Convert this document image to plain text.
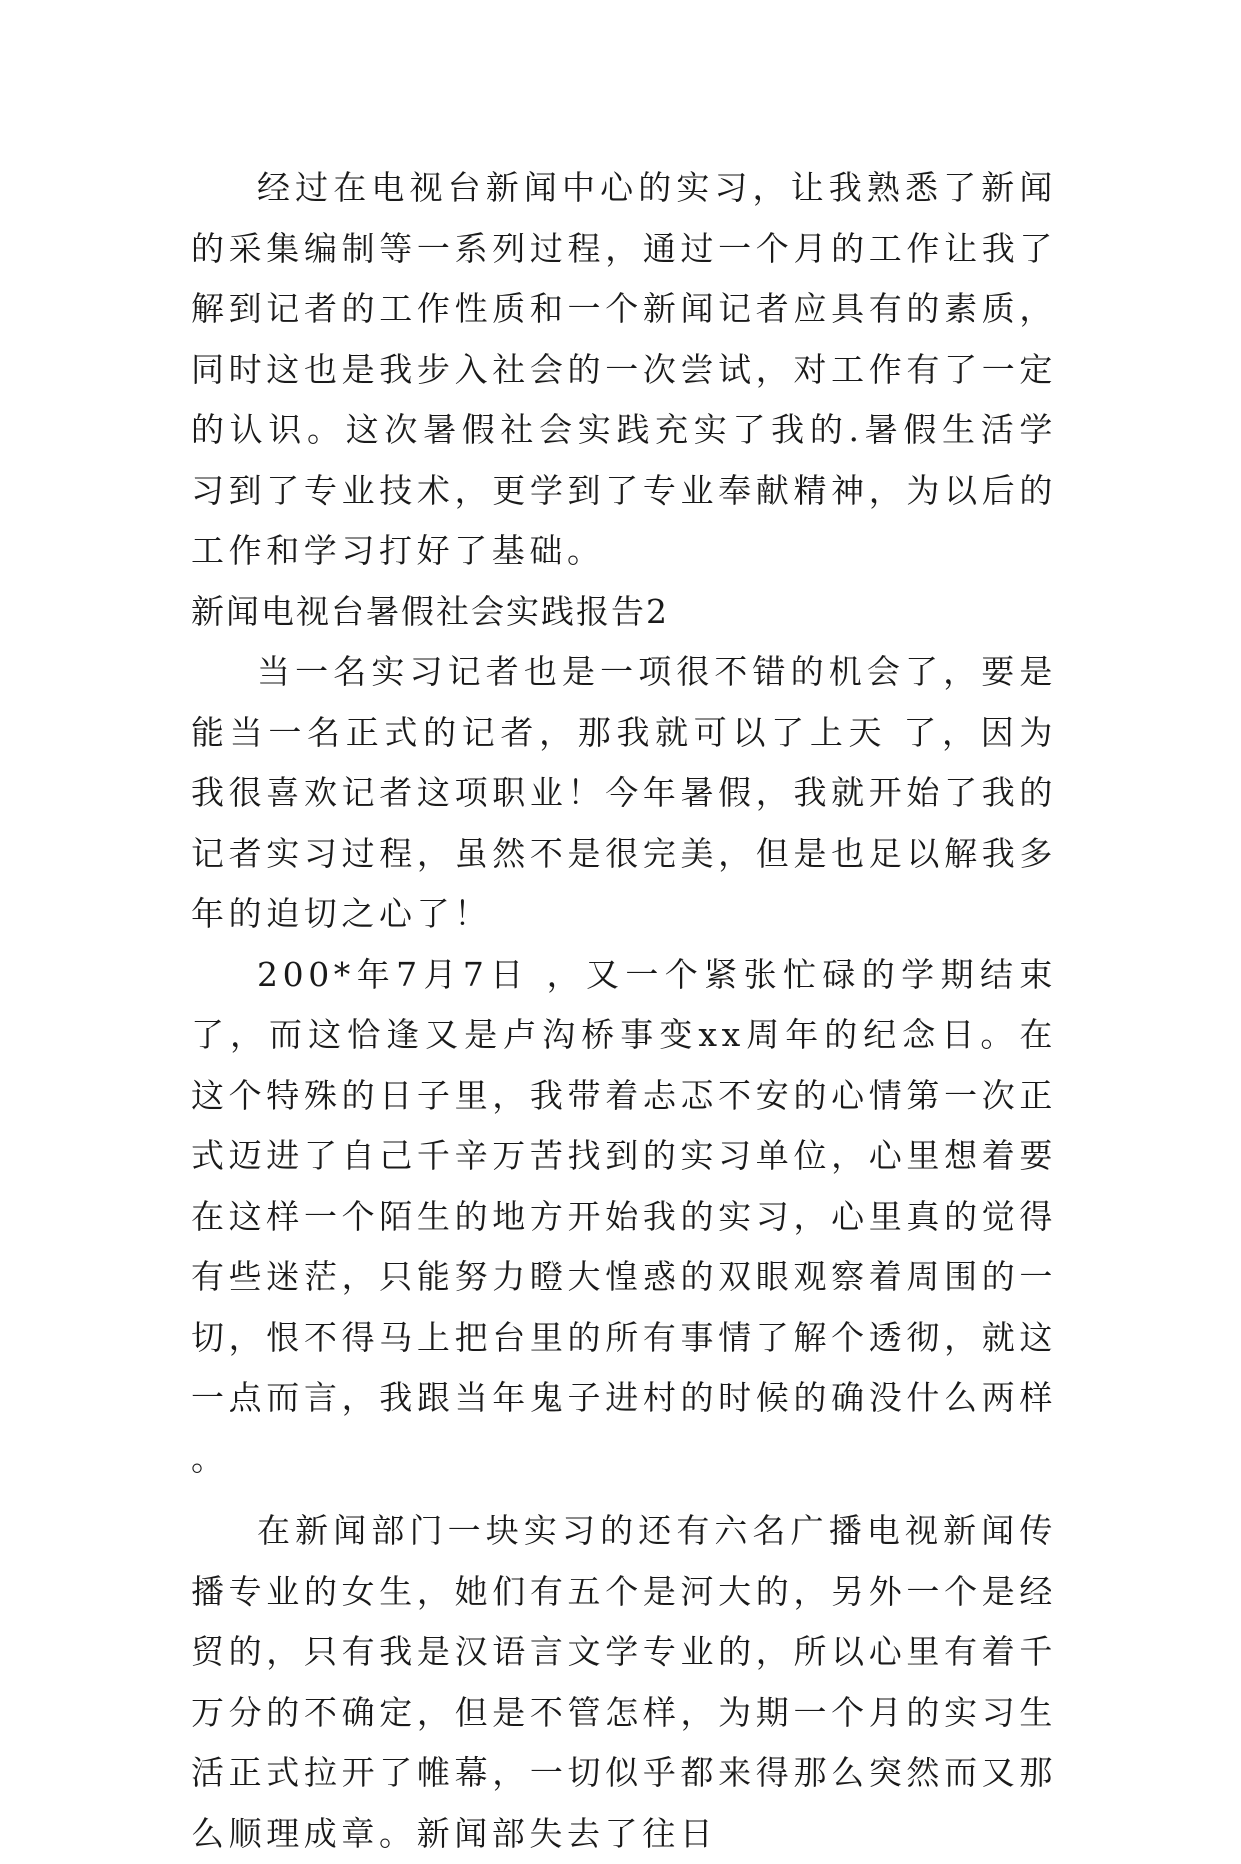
经过在电视台新闻中心的实习，让我熟悉了新闻的采集编制等一系列过程，通过一个月的工作让我了解到记者的工作性质和一个新闻记者应具有的素质，同时这也是我步入社会的一次尝试，对工作有了一定的认识。这次暑假社会实践充实了我的.暑假生活学习到了专业技术，更学到了专业奉献精神，为以后的工作和学习打好了基础。

新闻电视台暑假社会实践报告2

当一名实习记者也是一项很不错的机会了，要是能当一名正式的记者，那我就可以了上天 了，因为我很喜欢记者这项职业！今年暑假，我就开始了我的记者实习过程，虽然不是很完美，但是也足以解我多年的迫切之心了！

200*年7月7日 ，又一个紧张忙碌的学期结束了，而这恰逢又是卢沟桥事变xx周年的纪念日。在这个特殊的日子里，我带着忐忑不安的心情第一次正式迈进了自己千辛万苦找到的实习单位，心里想着要在这样一个陌生的地方开始我的实习，心里真的觉得有些迷茫，只能努力瞪大惶惑的双眼观察着周围的一切，恨不得马上把台里的所有事情了解个透彻，就这一点而言，我跟当年鬼子进村的时候的确没什么两样。

在新闻部门一块实习的还有六名广播电视新闻传播专业的女生，她们有五个是河大的，另外一个是经贸的，只有我是汉语言文学专业的，所以心里有着千万分的不确定，但是不管怎样，为期一个月的实习生活正式拉开了帷幕，一切似乎都来得那么突然而又那么顺理成章。新闻部失去了往日
